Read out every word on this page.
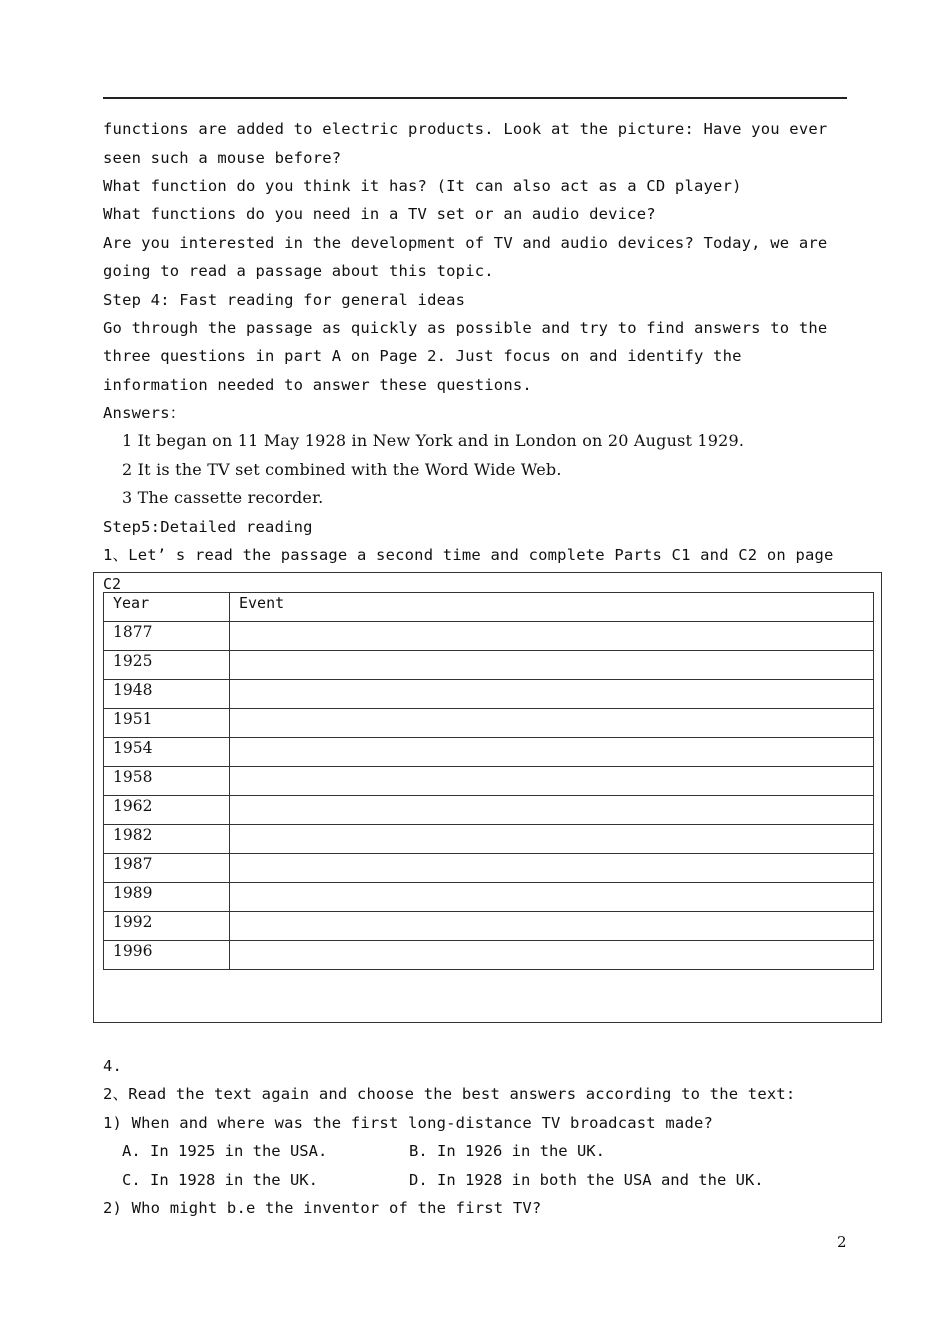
functions are added to electric products. Look at the picture: Have you ever
seen such a mouse before?
What function do you think it has? (It can also act as a CD player)
What functions do you need in a TV set or an audio device?
Are you interested in the development of TV and audio devices? Today, we are
going to read a passage about this topic.
Step 4: Fast reading for general ideas
Go through the passage as quickly as possible and try to find answers to the
three questions in part A on Page 2. Just focus on and identify the
information needed to answer these questions.
Answers：
1 It began on 11 May 1928 in New York and in London on 20 August 1929.
2 It is the TV set combined with the Word Wide Web.
3 The cassette recorder.
Step5:Detailed reading
1、Let’ s read the passage a second time and complete Parts C1 and C2 on page
C2
Year	Event
1877	
1925	
1948	
1951	
1954	
1958	
1962	
1982	
1987	
1989	
1992	
1996	
4.
2、Read the text again and choose the best answers according to the text:
1) When and where was the first long-distance TV broadcast made?
A. In 1925 in the USA.	B. In 1926 in the UK.
C. In 1928 in the UK.	D. In 1928 in both the USA and the UK.
2) Who might b.e the inventor of the first TV?
2
